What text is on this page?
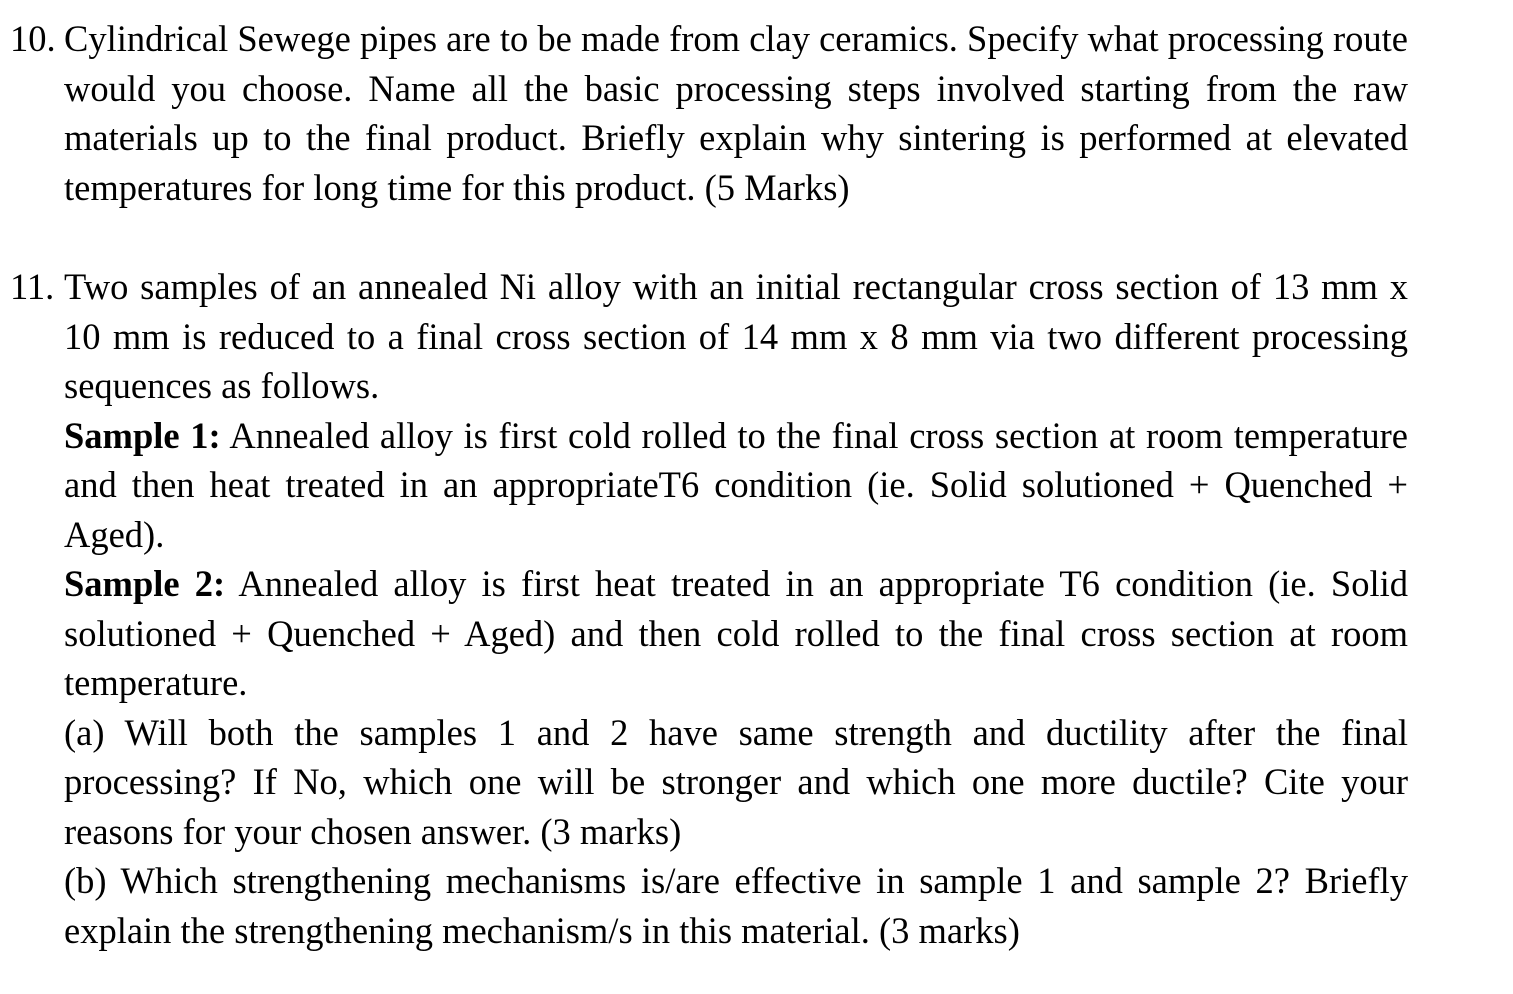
10. Cylindrical Sewege pipes are to be made from clay ceramics. Specify what processing route would you choose. Name all the basic processing steps involved starting from the raw materials up to the final product. Briefly explain why sintering is performed at elevated temperatures for long time for this product. (5 Marks)

11. Two samples of an annealed Ni alloy with an initial rectangular cross section of 13 mm x 10 mm is reduced to a final cross section of 14 mm x 8 mm via two different processing sequences as follows.

Sample 1: Annealed alloy is first cold rolled to the final cross section at room temperature and then heat treated in an appropriateT6 condition (ie. Solid solutioned + Quenched + Aged).

Sample 2: Annealed alloy is first heat treated in an appropriate T6 condition (ie. Solid solutioned + Quenched + Aged) and then cold rolled to the final cross section at room temperature.

(a) Will both the samples 1 and 2 have same strength and ductility after the final processing? If No, which one will be stronger and which one more ductile? Cite your reasons for your chosen answer. (3 marks)

(b) Which strengthening mechanisms is/are effective in sample 1 and sample 2? Briefly explain the strengthening mechanism/s in this material. (3 marks)
